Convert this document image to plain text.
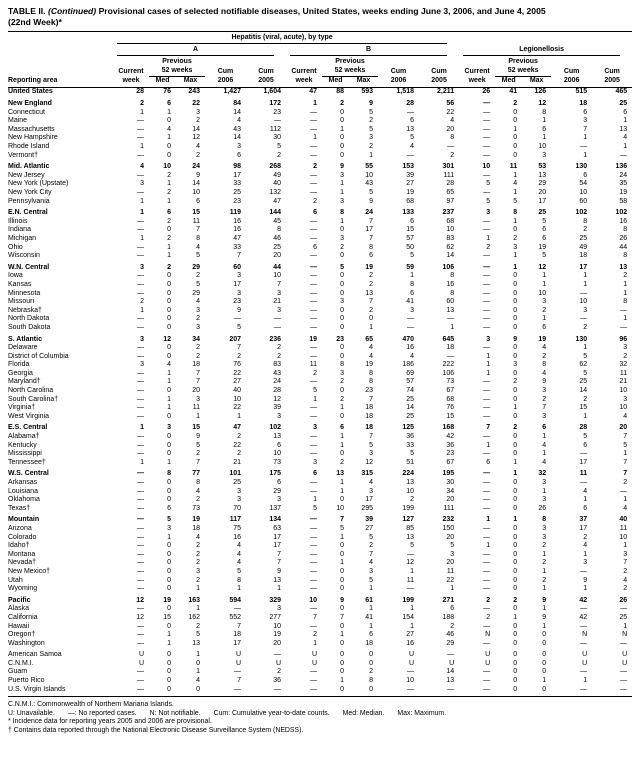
TABLE II. (Continued) Provisional cases of selected notifiable diseases, United States, weeks ending June 3, 2006, and June 4, 2005
(22nd Week)*

	Hepatitis (viral, acute), by type														

	A					B					Legionellosis				

		Previous					Previous					Previous			
	Current	52 weeks		Cum	Cum	Current	52 weeks		Cum	Cum	Current	52 weeks		Cum	Cum
Reporting area	week	Med	Max	2006	2005	week	Med	Max	2006	2005	week	Med	Max	2006	2005
United States	28	76	243	1,427	1,604	47	88	593	1,518	2,211	26	41	126	515	465
New England	2	6	22	84	172	1	2	9	28	56	—	2	12	18	25
Connecticut	1	1	3	14	23	—	0	5	—	22	—	0	8	6	6
Maine	—	0	2	4	—	—	0	2	6	4	—	0	1	3	1
Massachusetts	—	4	14	43	112	—	1	5	13	20	—	1	6	7	13
New Hampshire	—	1	12	14	30	1	0	3	5	8	—	0	1	1	4
Rhode Island	1	0	4	3	5	—	0	2	4	—	—	0	10	—	1
Vermont†	—	0	2	6	2	—	0	1	—	2	—	0	3	1	—
Mid. Atlantic	4	10	24	98	268	2	9	55	153	301	10	11	53	130	136
New Jersey	—	2	9	17	49	—	3	10	39	111	—	1	13	6	24
New York (Upstate)	3	1	14	33	40	—	1	43	27	28	5	4	29	54	35
New York City	—	2	10	25	132	—	1	5	19	65	—	1	20	10	19
Pennsylvania	1	1	6	23	47	2	3	9	68	97	5	5	17	60	58
E.N. Central	1	6	15	119	144	6	8	24	133	237	3	8	25	102	102
Illinois	—	2	11	16	45	—	1	7	6	68	—	1	5	8	16
Indiana	—	0	7	16	8	—	0	17	15	10	—	0	6	2	8
Michigan	1	2	8	47	46	—	3	7	57	83	1	2	6	25	26
Ohio	—	1	4	33	25	6	2	8	50	62	2	3	19	49	44
Wisconsin	—	1	5	7	20	—	0	6	5	14	—	1	5	18	8
W.N. Central	3	2	29	60	44	—	5	19	59	106	—	1	12	17	13
Iowa	—	0	2	3	10	—	0	2	1	8	—	0	1	1	2
Kansas	—	0	5	17	7	—	0	2	8	16	—	0	1	1	1
Minnesota	—	0	29	3	3	—	0	13	6	8	—	0	10	—	1
Missouri	2	0	4	23	21	—	3	7	41	60	—	0	3	10	8
Nebraska†	1	0	3	9	3	—	0	2	3	13	—	0	2	3	—
North Dakota	—	0	2	—	—	—	0	0	—	—	—	0	1	—	1
South Dakota	—	0	3	5	—	—	0	1	—	1	—	0	6	2	—
S. Atlantic	3	12	34	207	236	19	23	65	470	645	3	9	19	130	96
Delaware	—	0	2	7	2	—	0	4	16	18	—	0	4	1	3
District of Columbia	—	0	2	2	2	—	0	4	4	—	1	0	2	5	2
Florida	3	4	18	76	83	11	8	19	186	222	1	3	8	62	32
Georgia	—	1	7	22	43	2	3	8	69	106	1	0	4	5	11
Maryland†	—	1	7	27	24	—	2	8	57	73	—	2	9	25	21
North Carolina	—	0	20	40	28	5	0	23	74	67	—	0	3	14	10
South Carolina†	—	1	3	10	12	1	2	7	25	68	—	0	2	2	3
Virginia†	—	1	11	22	39	—	1	18	14	76	—	1	7	15	10
West Virginia	—	0	1	1	3	—	0	18	25	15	—	0	3	1	4
E.S. Central	1	3	15	47	102	3	6	18	125	168	7	2	6	28	20
Alabama†	—	0	9	2	13	—	1	7	36	42	—	0	1	5	7
Kentucky	—	0	5	22	6	—	1	5	33	36	1	0	4	6	5
Mississippi	—	0	2	2	10	—	0	3	5	23	—	0	1	—	1
Tennessee†	1	1	7	21	73	3	2	12	51	67	6	1	4	17	7
W.S. Central	—	8	77	101	175	6	13	315	224	195	—	1	32	11	7
Arkansas	—	0	8	25	6	—	1	4	13	30	—	0	3	—	2
Louisiana	—	0	4	3	29	—	1	3	10	34	—	0	1	4	—
Oklahoma	—	0	2	3	3	1	0	17	2	20	—	0	3	1	1
Texas†	—	6	73	70	137	5	10	295	199	111	—	0	26	6	4
Mountain	—	5	19	117	134	—	7	39	127	232	1	1	8	37	40
Arizona	—	3	18	75	63	—	5	27	85	150	—	0	3	17	11
Colorado	—	1	4	16	17	—	1	5	13	20	—	0	3	2	10
Idaho†	—	0	2	4	17	—	0	2	5	5	1	0	2	4	1
Montana	—	0	2	4	7	—	0	7	—	3	—	0	1	1	3
Nevada†	—	0	2	4	7	—	1	4	12	20	—	0	2	3	7
New Mexico†	—	0	3	5	9	—	0	3	1	11	—	0	1	—	2
Utah	—	0	2	8	13	—	0	5	11	22	—	0	2	9	4
Wyoming	—	0	1	1	1	—	0	1	—	1	—	0	1	1	2
Pacific	12	19	163	594	329	10	9	61	199	271	2	2	9	42	26
Alaska	—	0	1	—	3	—	0	1	1	6	—	0	1	—	—
California	12	15	162	552	277	7	7	41	154	188	2	1	9	42	25
Hawaii	—	0	2	7	10	—	0	1	1	2	—	0	1	—	1
Oregon†	—	1	5	18	19	2	1	6	27	46	N	0	0	N	N
Washington	—	1	13	17	20	1	0	18	16	29	—	0	0	—	—
American Samoa	U	0	1	U	—	U	0	0	U	—	U	0	0	U	U
C.N.M.I.	U	0	0	U	U	U	0	0	U	U	U	0	0	U	U
Guam	—	0	1	—	2	—	0	2	—	14	—	0	0	—	—
Puerto Rico	—	0	4	7	36	—	1	8	10	13	—	0	1	1	—
U.S. Virgin Islands	—	0	0	—	—	—	0	0	—	—	—	0	0	—	—
C.N.M.I.: Commonwealth of Northern Mariana Islands.
U: Unavailable. —: No reported cases. N: Not notifiable. Cum: Cumulative year-to-date counts. Med: Median. Max: Maximum.
* Incidence data for reporting years 2005 and 2006 are provisional.
† Contains data reported through the National Electronic Disease Surveillance System (NEDSS).
